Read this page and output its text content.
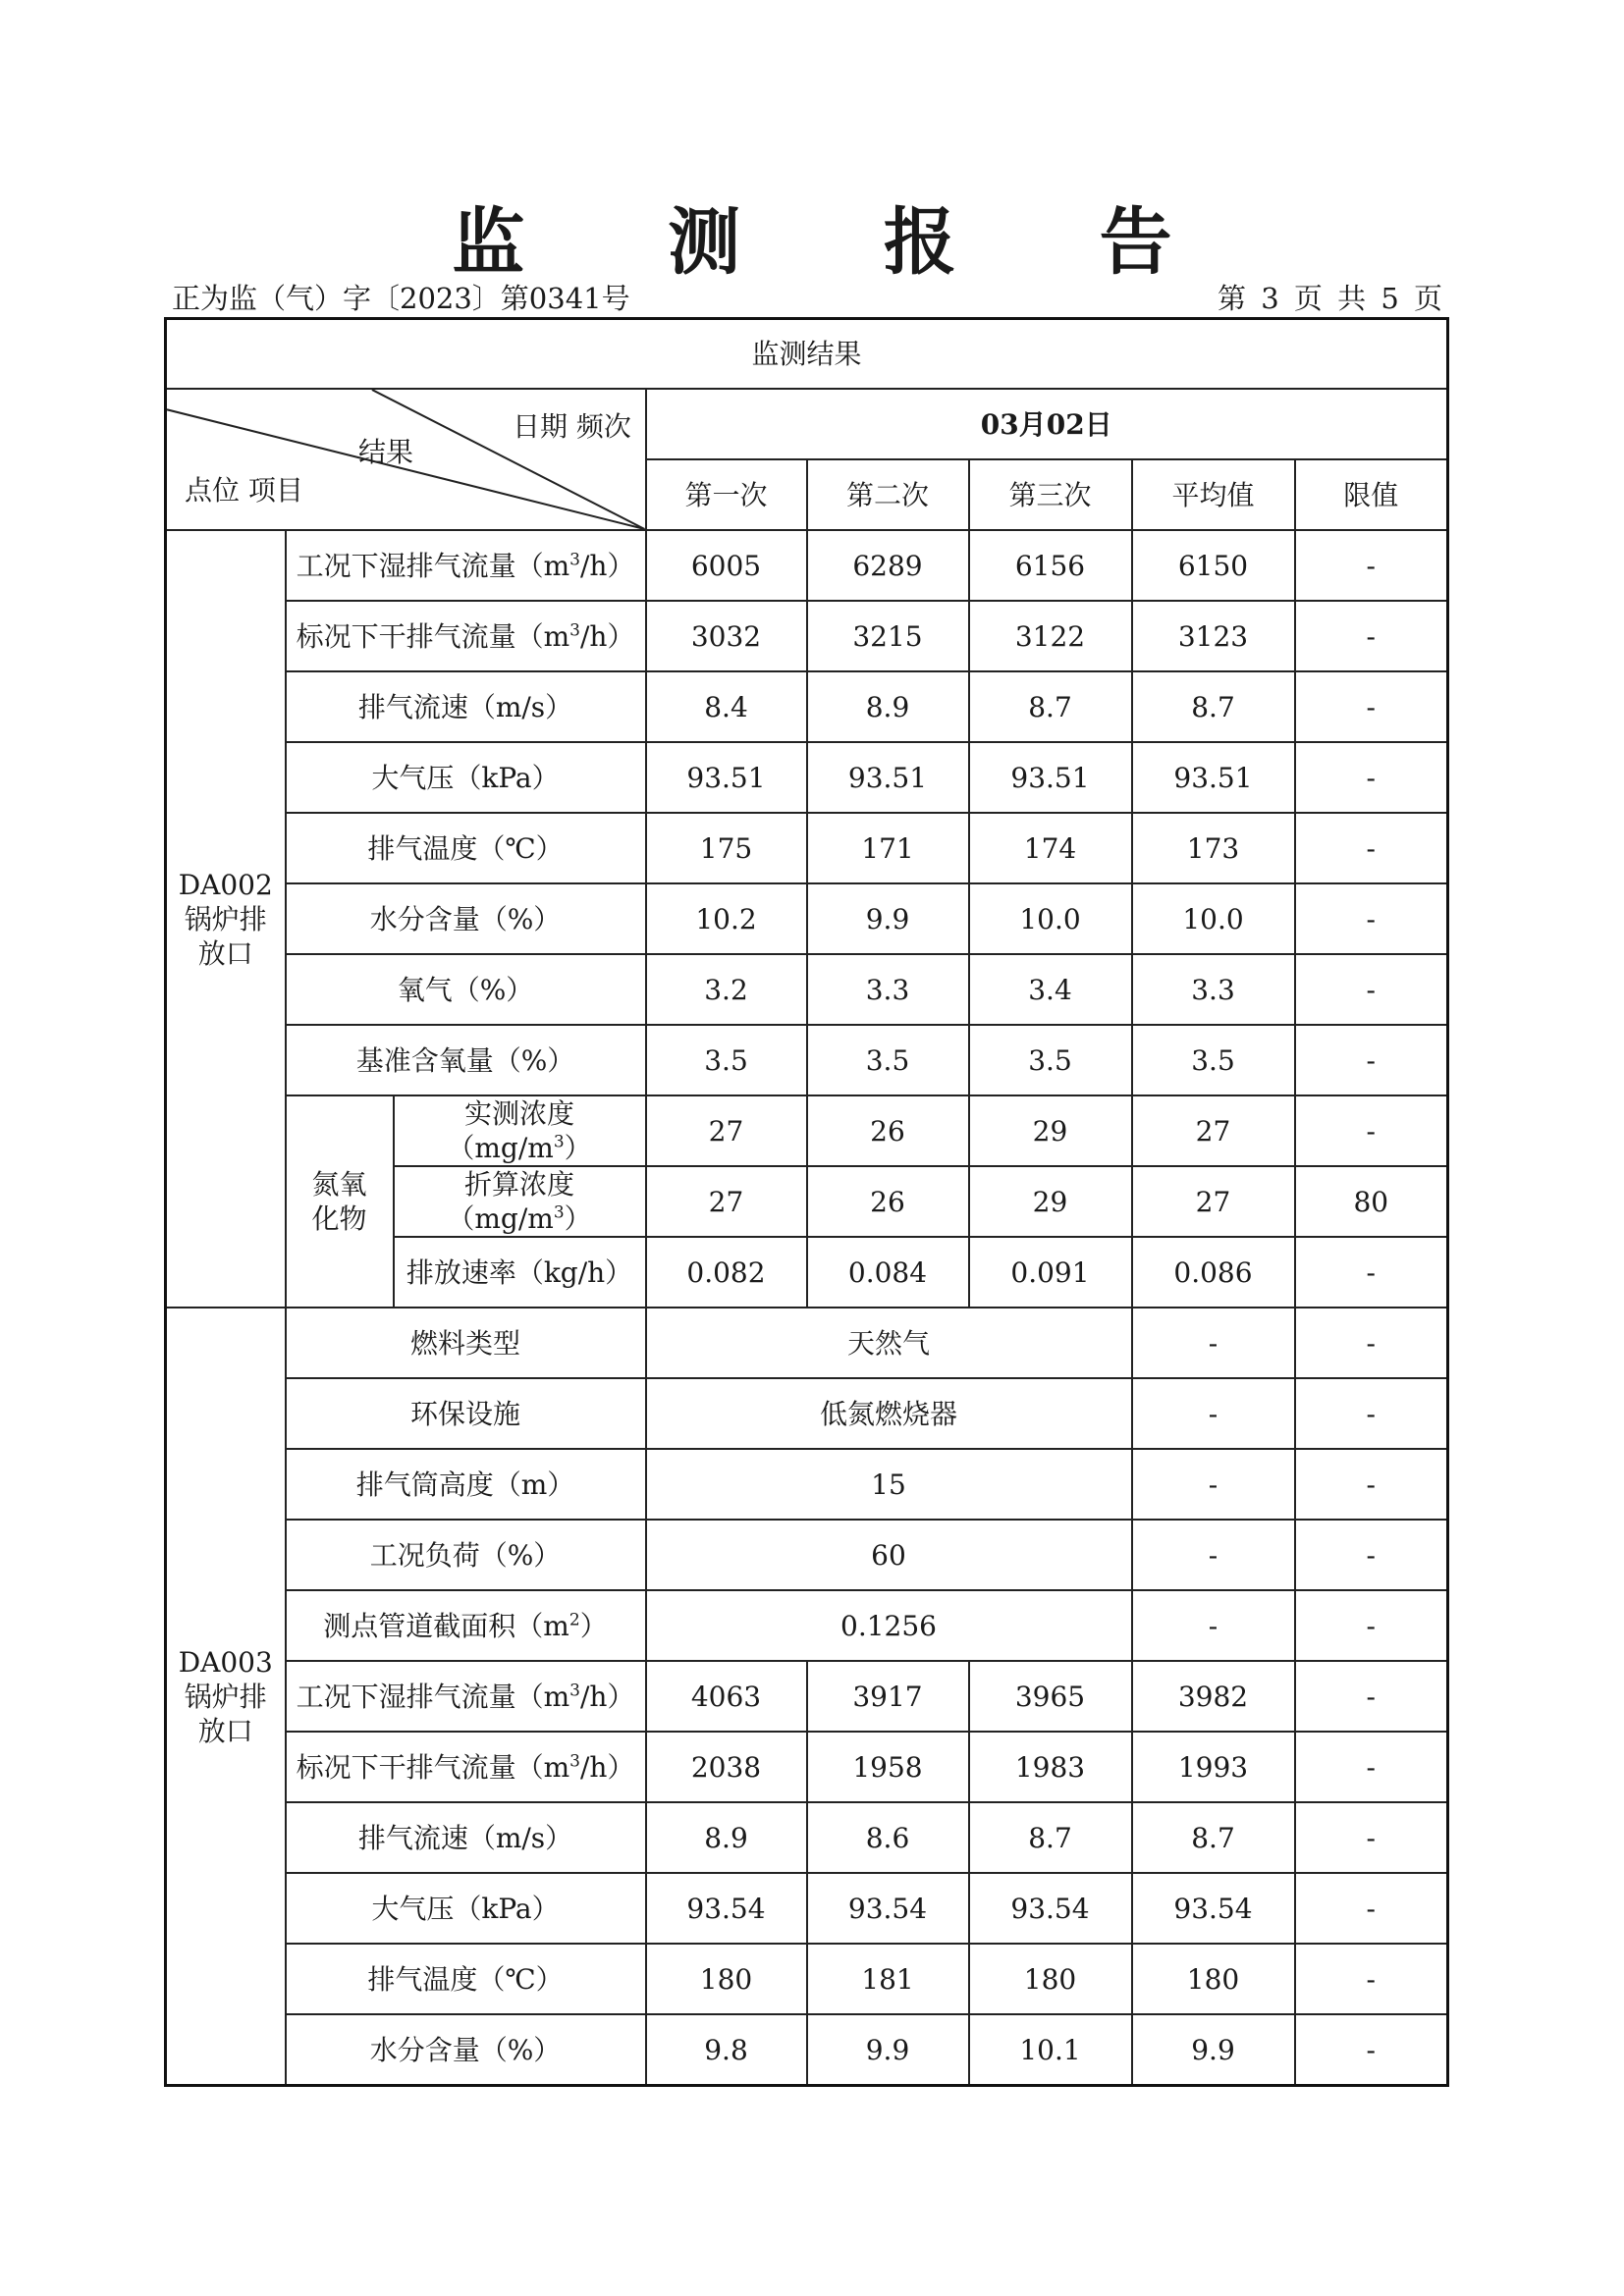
监 测 报 告
正为监（气）字〔2023〕第0341号	第 3 页 共 5 页
监测结果							

日期 频次
结果
点位 项目			03月02日				
			第一次	第二次	第三次	平均值	限值
DA002
锅炉排
放口	工况下湿排气流量$(m^3/h)$		6005	6289	6156	6150	-
	标况下干排气流量$(m^3/h)$		3032	3215	3122	3123	-
	排气流速（m/s）		8.4	8.9	8.7	8.7	-
	大气压（kPa）		93.51	93.51	93.51	93.51	-
	排气温度（℃）		175	171	174	173	-
	水分含量（%）		10.2	9.9	10.0	10.0	-
	氧气（%）		3.2	3.3	3.4	3.3	-
	基准含氧量（%）		3.5	3.5	3.5	3.5	-
	氮氧
化物	实测浓度$(mg/m^3)$	27	26	29	27	-
		折算浓度$(mg/m^3)$	27	26	29	27	80
		排放速率（kg/h）	0.082	0.084	0.091	0.086	-
DA003
锅炉排
放口	燃料类型		天然气			-	-
	环保设施		低氮燃烧器			-	-
	排气筒高度（m）		15			-	-
	工况负荷（%）		60			-	-
	测点管道截面积$(m^2)$		0.1256			-	-
	工况下湿排气流量$(m^3/h)$		4063	3917	3965	3982	-
	标况下干排气流量$(m^3/h)$		2038	1958	1983	1993	-
	排气流速（m/s）		8.9	8.6	8.7	8.7	-
	大气压（kPa）		93.54	93.54	93.54	93.54	-
	排气温度（℃）		180	181	180	180	-
	水分含量（%）		9.8	9.9	10.1	9.9	-
